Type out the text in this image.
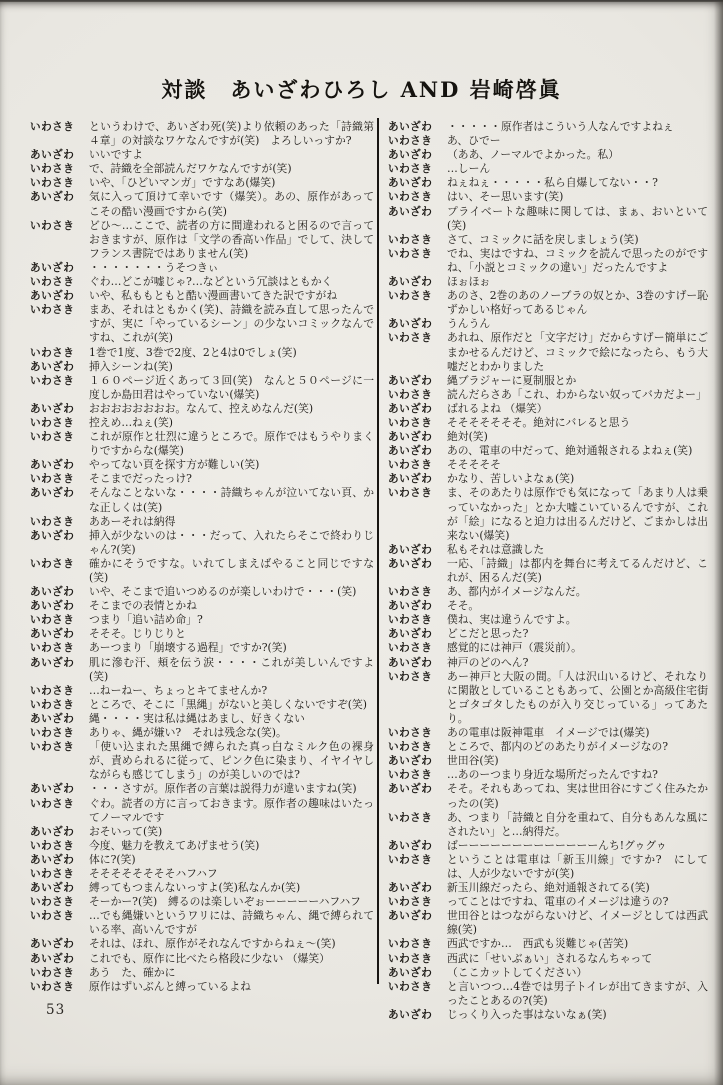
対談　あいざわひろし AND 岩崎啓眞
いわさき	というわけで、あいざわ死(笑)より依頼のあった「詩織第４章」の対談なワケなんですが(笑)　よろしいっすか?
あいざわ	いいですよ
いわさき	で、詩織を全部読んだワケなんですが(笑)
いわさき	いや、「ひどいマンガ」ですなあ(爆笑)
あいざわ	気に入って頂けて幸いです（爆笑）。あの、原作があってこその酷い漫画ですから(笑)
いわさき	どひ〜…ここで、読者の方に間違われると困るので言っておきますが、原作は「文学の香高い作品」でして、決してフランス書院ではありません(笑)
あいざわ	・・・・・・・うそつきぃ
いわさき	ぐわ…どこが嘘じゃ?…などという冗談はともかく
あいざわ	いや、私ももともと酷い漫画書いてきた訳ですがね
いわさき	まあ、それはともかく(笑)、詩織を読み直して思ったんですが、実に「やっているシーン」の少ないコミックなんですね、これが(笑)
いわさき	1巻で1度、3巻で2度、2と4は0でしょ(笑)
あいざわ	挿入シーンね(笑)
いわさき	１６０ページ近くあって３回(笑)　なんと５０ページに一度しか島田君はやっていない(爆笑)
あいざわ	おおおおおおおお。なんて、控えめなんだ(笑)
いわさき	控えめ…ねぇ(笑)
いわさき	これが原作と壮烈に違うところで。原作ではもうやりまくりですからな(爆笑)
あいざわ	やってない頁を探す方が難しい(笑)
いわさき	そこまでだったっけ?
あいざわ	そんなことないな・・・・詩織ちゃんが泣いてない頁、かな正しくは(笑)
いわさき	ああーそれは納得
あいざわ	挿入が少ないのは・・・だって、入れたらそこで終わりじゃん?(笑)
いわさき	確かにそうですな。いれてしまえばやること同じですな(笑)
あいざわ	いや、そこまで追いつめるのが楽しいわけで・・・(笑)
あいざわ	そこまでの表情とかね
いわさき	つまり「追い詰め命」?
あいざわ	そそそ。じりじりと
いわさき	あーつまり「崩壊する過程」ですか?(笑)
あいざわ	肌に滲む汗、頬を伝う涙・・・・これが美しいんですよ(笑)
いわさき	…ねーねー、ちょっとキてませんか?
いわさき	ところで、そこに「黒縄」がないと美しくないですぞ(笑)
あいざわ	縄・・・・実は私は縄はあまし、好きくない
いわさき	ありゃ、縄が嫌い?　それは残念な(笑)。
いわさき	「使い込まれた黒縄で縛られた真っ白なミルク色の裸身が、責められるに従って、ピンク色に染まり、イヤイヤしながらも感じてしまう」のが美しいのでは?
あいざわ	・・・さすが。原作者の言葉は説得力が違いますね(笑)
いわさき	ぐわ。読者の方に言っておきます。原作者の趣味はいたってノーマルです
あいざわ	おそいって(笑)
いわさき	今度、魅力を教えてあげませう(笑)
あいざわ	体に?(笑)
いわさき	そそそそそそそそハフハフ
あいざわ	縛ってもつまんないっすよ(笑)私なんか(笑)
いわさき	そーかー?(笑)　縛るのは楽しいぞぉーーーーーハフハフ
いわさき	…でも縄嫌いというワリには、詩織ちゃん、縄で縛られている率、高いんですが
あいざわ	それは、ほれ、原作がそれなんですからねぇ〜(笑)
あいざわ	これでも、原作に比べたら格段に少ない （爆笑）
いわさき	あう　た、確かに
いわさき	原作はずいぶんと縛っているよね
あいざわ	・・・・・原作者はこういう人なんですよねぇ
いわさき	あ、ひでー
あいざわ	（ああ、ノーマルでよかった。私）
いわさき	…しーん
あいざわ	ねぇねぇ・・・・・私ら自爆してない・・?
いわさき	はい、そー思います(笑)
あいざわ	プライベートな趣味に関しては、まぁ、おいといて(笑)
いわさき	さて、コミックに話を戻しましょう(笑)
いわさき	でね、実はですね、コミックを読んで思ったのがですね、「小説とコミックの違い」だったんですよ
あいざわ	ほぉほぉ
いわさき	あのさ、2巻のあのノーブラの奴とか、3巻のすげー恥ずかしい格好ってあるじゃん
あいざわ	うんうん
いわさき	あれね、原作だと「文字だけ」だからすげー簡単にごまかせるんだけど、コミックで絵になったら、もう大嘘だとわかりました
あいざわ	縄ブラジャーに夏制服とか
いわさき	読んだらさあ「これ、わからない奴ってバカだよー」
あいざわ	ばれるよね （爆笑）
いわさき	そそそそそそそ。絶対にバレると思う
あいざわ	絶対(笑)
あいざわ	あの、電車の中だって、絶対通報されるよねぇ(笑)
いわさき	そそそそそ
あいざわ	かなり、苦しいよなぁ(笑)
いわさき	ま、そのあたりは原作でも気になって「あまり人は乗っていなかった」とか大嘘こいているんですが、これが「絵」になると迫力は出るんだけど、ごまかしは出来ない(爆笑)
あいざわ	私もそれは意識した
あいざわ	一応、「詩織」は都内を舞台に考えてるんだけど、これが、困るんだ(笑)
いわさき	あ、都内がイメージなんだ。
あいざわ	そそ。
いわさき	僕ね、実は違うんですよ。
あいざわ	どこだと思った?
いわさき	感覚的には神戸（震災前）。
あいざわ	神戸のどのへん?
いわさき	あー神戸と大阪の間。「人は沢山いるけど、それなりに閑散としていることもあって、公園とか高級住宅街とゴタゴタしたものが入り交じっている」ってあたり。
いわさき	あの電車は阪神電車　イメージでは(爆笑)
いわさき	ところで、都内のどのあたりがイメージなの?
あいざわ	世田谷(笑)
いわさき	…あのーつまり身近な場所だったんですね?
あいざわ	そそ。それもあってね、実は世田谷にすごく住みたかったの(笑)
いわさき	あ、つまり「詩織と自分を重ねて、自分もあんな風にされたい」と…納得だ。
あいざわ	ばーーーーーーーーーーーーーんち!グゥグゥ
いわさき	ということは電車は「新玉川線」ですか?　にしては、人が少ないですが(笑)
あいざわ	新玉川線だったら、絶対通報されてる(笑)
いわさき	ってことはですね、電車のイメージは違うの?
あいざわ	世田谷とはつながらないけど、イメージとしては西武線(笑)
いわさき	西武ですか…　西武も災難じゃ(苦笑)
いわさき	西武に「せいぶぁい」されるなんちゃって
あいざわ	（ここカットしてください）
いわさき	と言いつつ…4巻では男子トイレが出てきますが、入ったことあるの?(笑)
あいざわ	じっくり入った事はないなぁ(笑)
53
